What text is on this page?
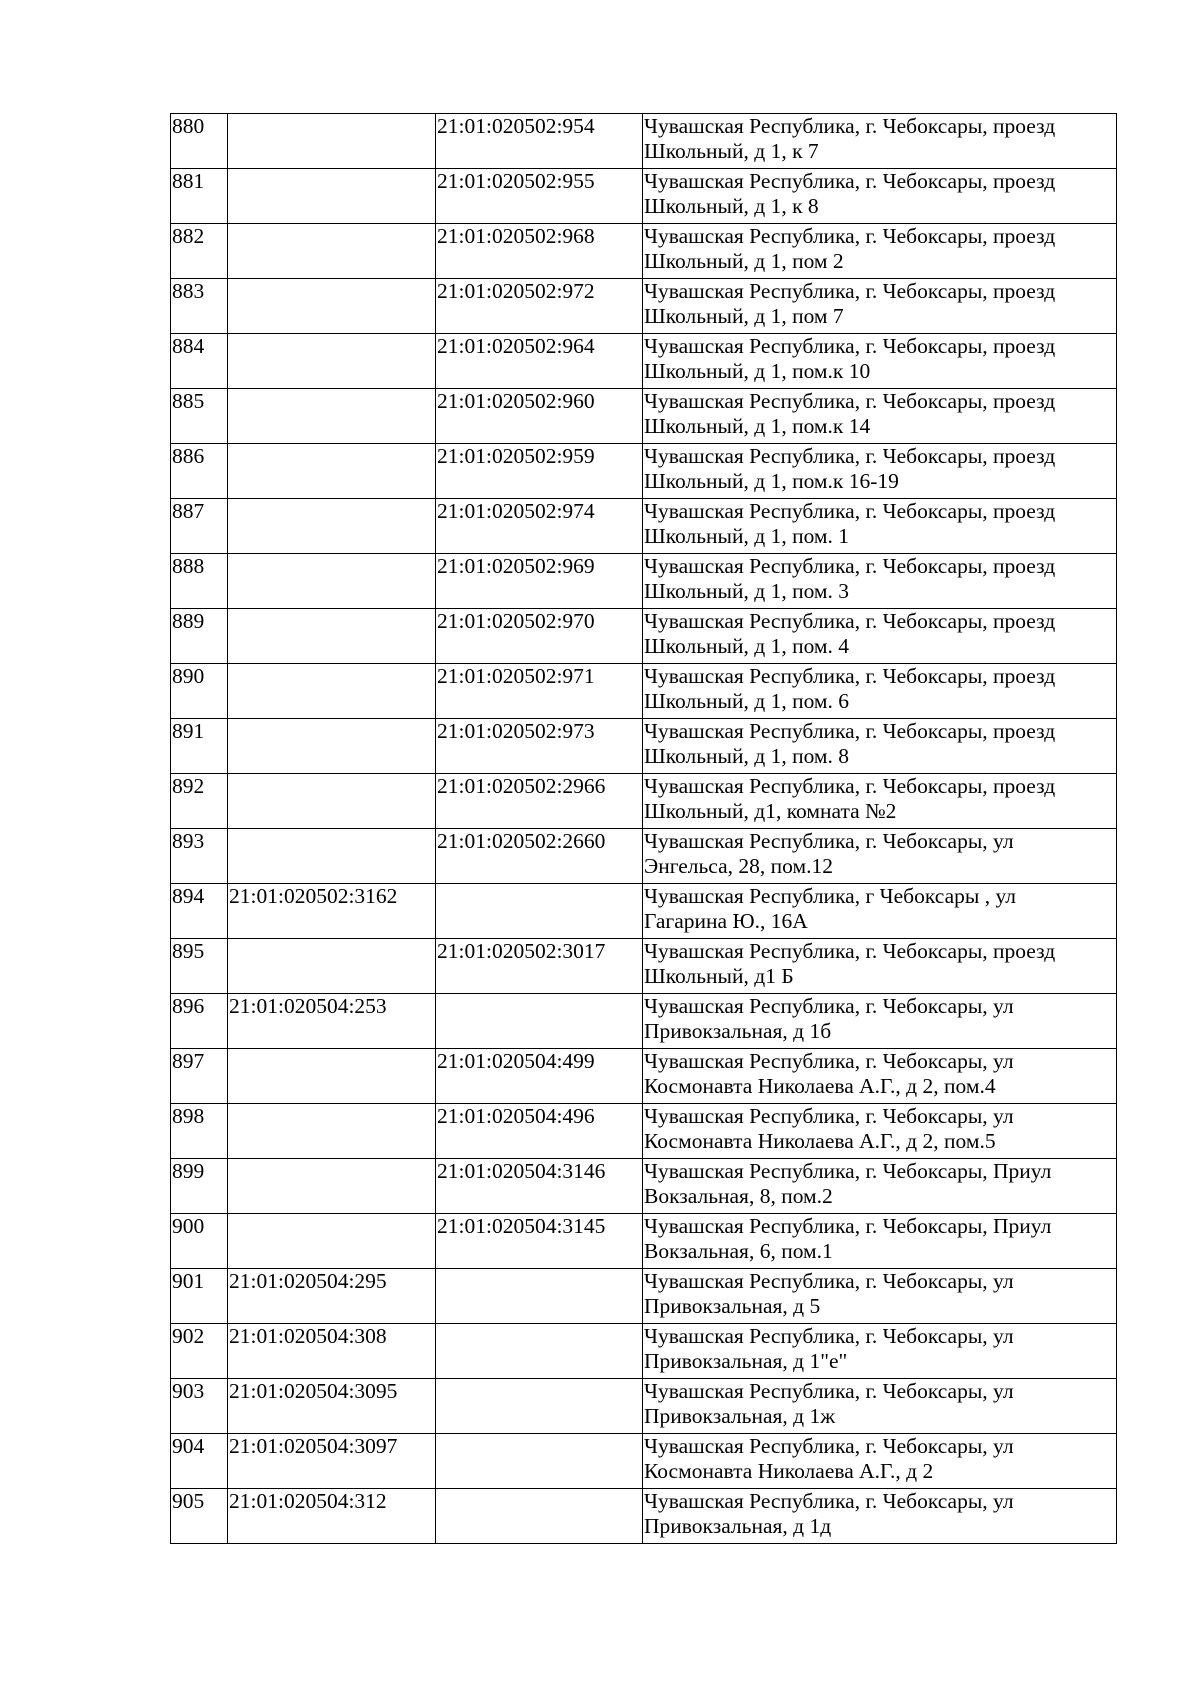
880		21:01:020502:954	Чувашская Республика, г. Чебоксары, проезд
Школьный, д 1, к 7

881		21:01:020502:955	Чувашская Республика, г. Чебоксары, проезд
Школьный, д 1, к 8

882		21:01:020502:968	Чувашская Республика, г. Чебоксары, проезд
Школьный, д 1, пом 2

883		21:01:020502:972	Чувашская Республика, г. Чебоксары, проезд
Школьный, д 1, пом 7

884		21:01:020502:964	Чувашская Республика, г. Чебоксары, проезд
Школьный, д 1, пом.к 10

885		21:01:020502:960	Чувашская Республика, г. Чебоксары, проезд
Школьный, д 1, пом.к 14

886		21:01:020502:959	Чувашская Республика, г. Чебоксары, проезд
Школьный, д 1, пом.к 16-19

887		21:01:020502:974	Чувашская Республика, г. Чебоксары, проезд
Школьный, д 1, пом. 1

888		21:01:020502:969	Чувашская Республика, г. Чебоксары, проезд
Школьный, д 1, пом. 3

889		21:01:020502:970	Чувашская Республика, г. Чебоксары, проезд
Школьный, д 1, пом. 4

890		21:01:020502:971	Чувашская Республика, г. Чебоксары, проезд
Школьный, д 1, пом. 6

891		21:01:020502:973	Чувашская Республика, г. Чебоксары, проезд
Школьный, д 1, пом. 8

892		21:01:020502:2966	Чувашская Республика, г. Чебоксары, проезд
Школьный, д1, комната №2

893		21:01:020502:2660	Чувашская Республика, г. Чебоксары, ул
Энгельса, 28, пом.12

894	21:01:020502:3162		Чувашская Республика, г Чебоксары , ул
Гагарина Ю., 16А

895		21:01:020502:3017	Чувашская Республика, г. Чебоксары, проезд
Школьный, д1 Б

896	21:01:020504:253		Чувашская Республика, г. Чебоксары, ул
Привокзальная, д 1б

897		21:01:020504:499	Чувашская Республика, г. Чебоксары, ул
Космонавта Николаева А.Г., д 2, пом.4

898		21:01:020504:496	Чувашская Республика, г. Чебоксары, ул
Космонавта Николаева А.Г., д 2, пом.5

899		21:01:020504:3146	Чувашская Республика, г. Чебоксары, Приул
Вокзальная, 8, пом.2

900		21:01:020504:3145	Чувашская Республика, г. Чебоксары, Приул
Вокзальная, 6, пом.1

901	21:01:020504:295		Чувашская Республика, г. Чебоксары, ул
Привокзальная, д 5

902	21:01:020504:308		Чувашская Республика, г. Чебоксары, ул
Привокзальная, д 1"е"

903	21:01:020504:3095		Чувашская Республика, г. Чебоксары, ул
Привокзальная, д 1ж

904	21:01:020504:3097		Чувашская Республика, г. Чебоксары, ул
Космонавта Николаева А.Г., д 2

905	21:01:020504:312		Чувашская Республика, г. Чебоксары, ул
Привокзальная, д 1д
